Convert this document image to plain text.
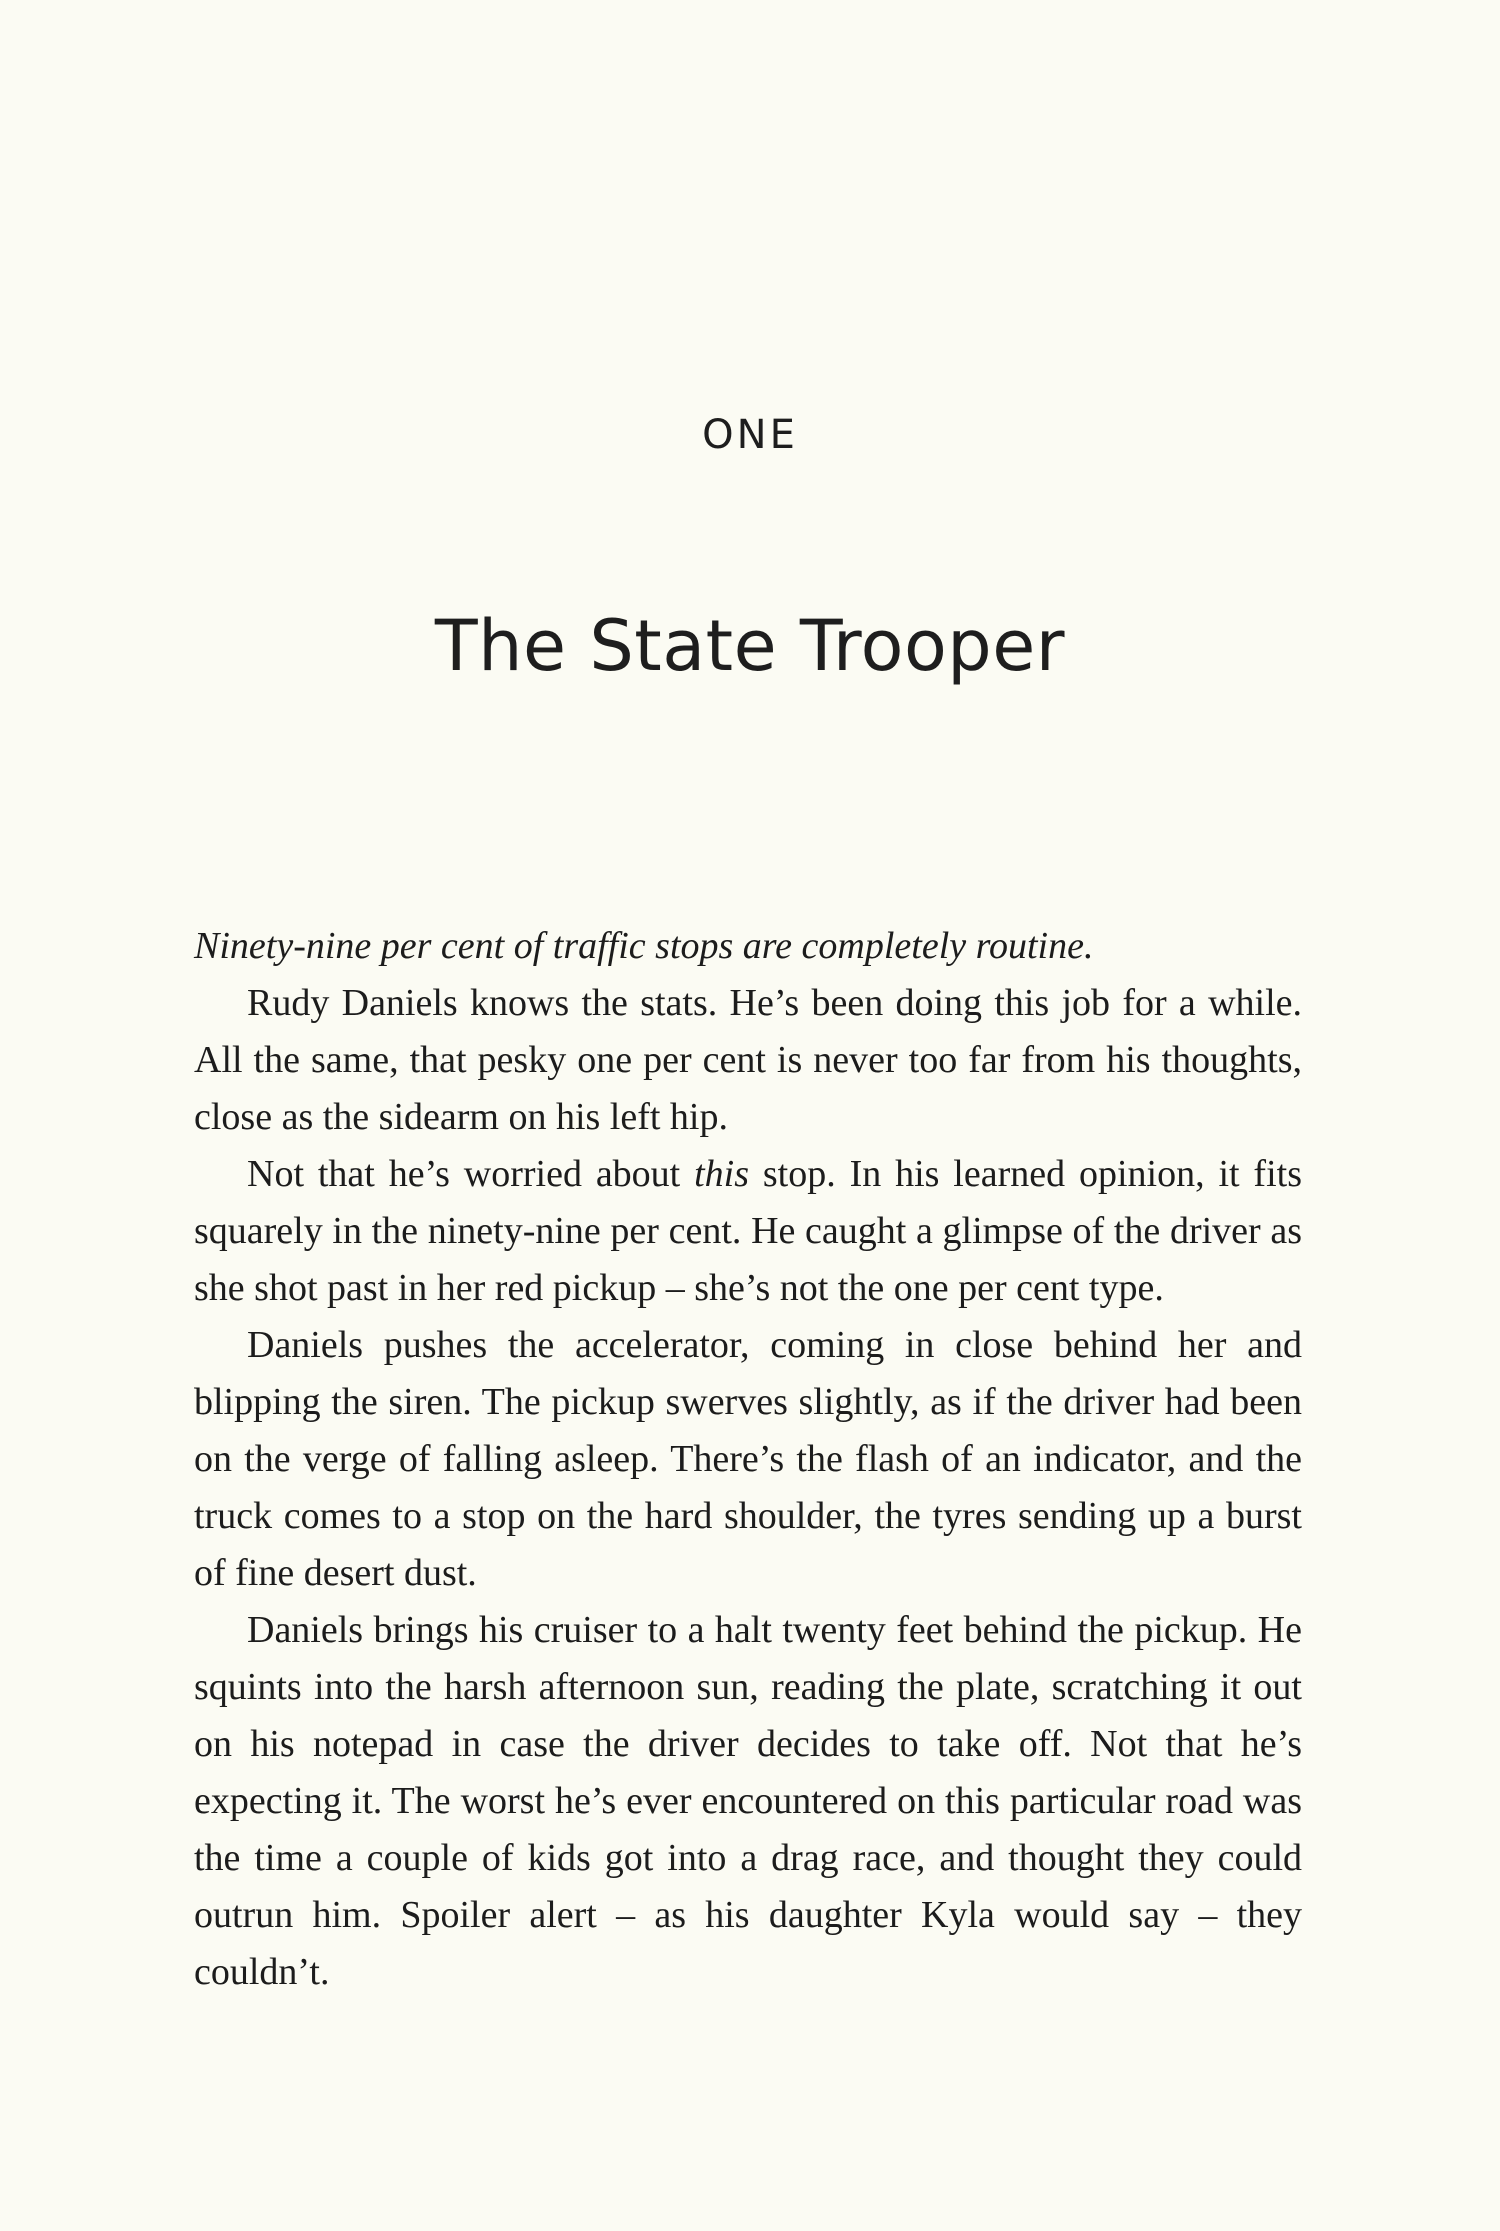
ONE
The State Trooper

Ninety-nine per cent of traffic stops are completely routine.

Rudy Daniels knows the stats. He’s been doing this job for a while. All the same, that pesky one per cent is never too far from his thoughts, close as the sidearm on his left hip.

Not that he’s worried about this stop. In his learned opinion, it fits squarely in the ninety-nine per cent. He caught a glimpse of the driver as she shot past in her red pickup – she’s not the one per cent type.

Daniels pushes the accelerator, coming in close behind her and blipping the siren. The pickup swerves slightly, as if the driver had been on the verge of falling asleep. There’s the flash of an indicator, and the truck comes to a stop on the hard shoulder, the tyres sending up a burst of fine desert dust.

Daniels brings his cruiser to a halt twenty feet behind the pickup. He squints into the harsh afternoon sun, reading the plate, scratching it out on his notepad in case the driver decides to take off. Not that he’s expecting it. The worst he’s ever encountered on this particular road was the time a couple of kids got into a drag race, and thought they could outrun him. Spoiler alert – as his daughter Kyla would say – they couldn’t.
